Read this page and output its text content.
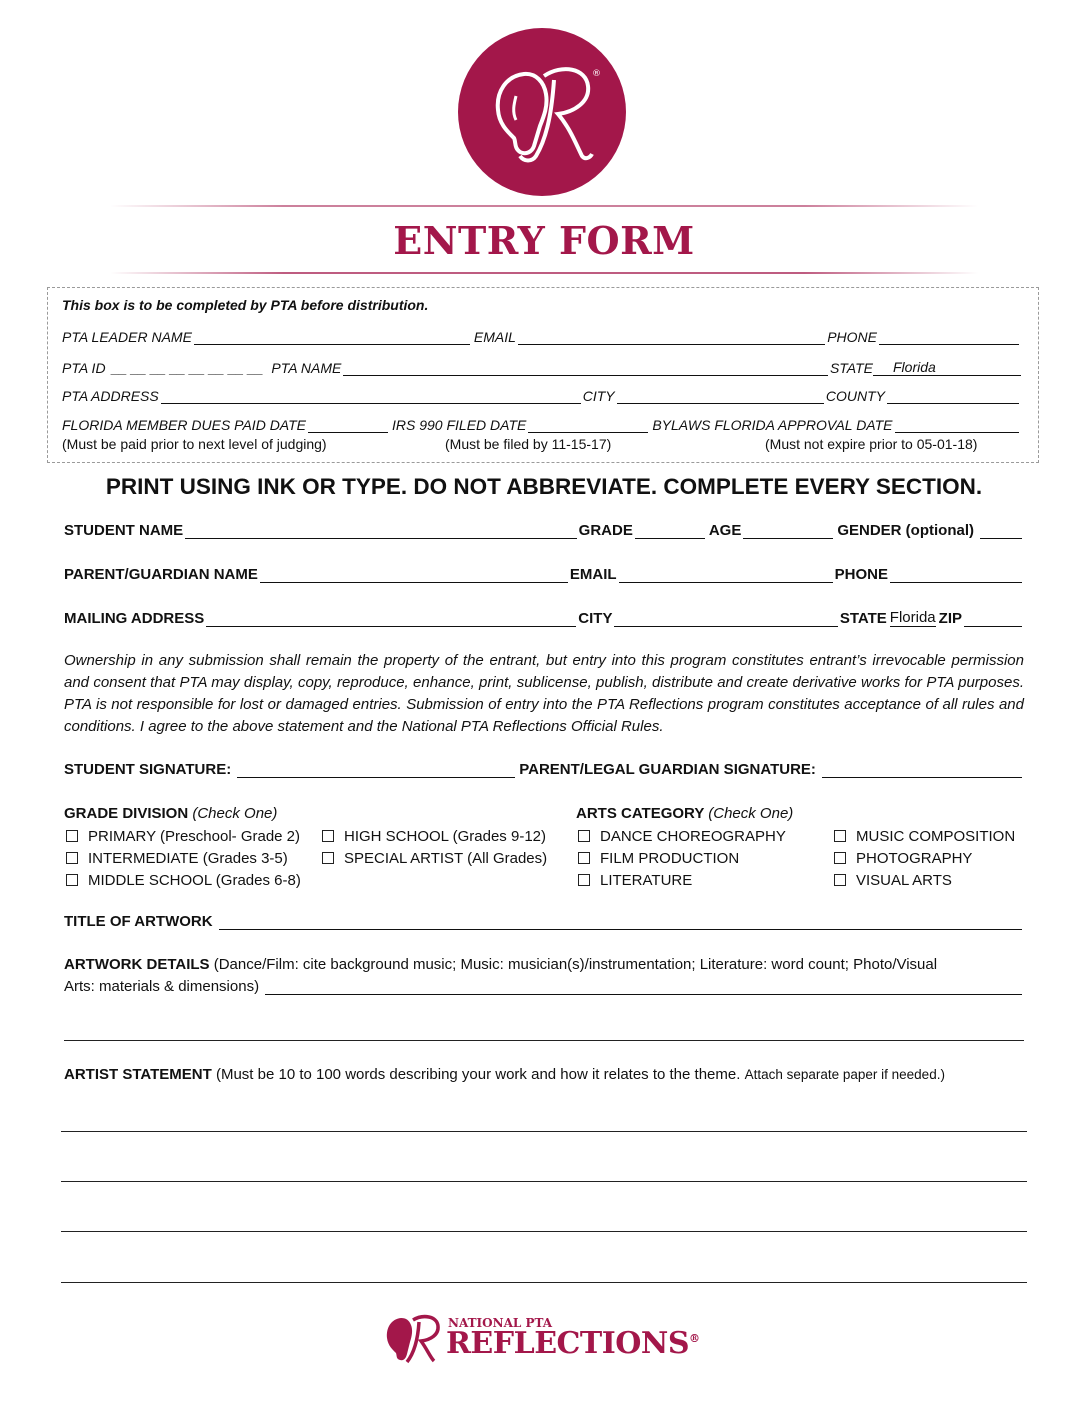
®
ENTRY FORM
This box is to be completed by PTA before distribution.
PTA LEADER NAME	EMAIL	PHONE
PTA ID __ __ __ __ __ __ __ __ PTA NAME	STATE	Florida
PTA ADDRESS	CITY	COUNTY
FLORIDA MEMBER DUES PAID DATE	IRS 990 FILED DATE	BYLAWS FLORIDA APPROVAL DATE
(Must be paid prior to next level of judging)	(Must be filed by 11-15-17)	(Must not expire prior to 05-01-18)
PRINT USING INK OR TYPE. DO NOT ABBREVIATE. COMPLETE EVERY SECTION.
STUDENT NAME	GRADE	AGE	GENDER (optional)
PARENT/GUARDIAN NAME	EMAIL	PHONE
MAILING ADDRESS	CITY	STATE Florida ZIP
Ownership in any submission shall remain the property of the entrant, but entry into this program constitutes entrant’s irrevocable permission and consent that PTA may display, copy, reproduce, enhance, print, sublicense, publish, distribute and create derivative works for PTA purposes. PTA is not responsible for lost or damaged entries. Submission of entry into the PTA Reflections program constitutes acceptance of all rules and conditions. I agree to the above statement and the National PTA Reflections Official Rules.
STUDENT SIGNATURE:	PARENT/LEGAL GUARDIAN SIGNATURE:
GRADE DIVISION (Check One)
PRIMARY (Preschool- Grade 2)
INTERMEDIATE (Grades 3-5)
MIDDLE SCHOOL (Grades 6-8)
HIGH SCHOOL (Grades 9-12)
SPECIAL ARTIST (All Grades)
ARTS CATEGORY (Check One)
DANCE CHOREOGRAPHY
FILM PRODUCTION
LITERATURE
MUSIC COMPOSITION
PHOTOGRAPHY
VISUAL ARTS
TITLE OF ARTWORK
ARTWORK DETAILS (Dance/Film: cite background music; Music: musician(s)/instrumentation; Literature: word count; Photo/Visual
Arts: materials & dimensions)
ARTIST STATEMENT (Must be 10 to 100 words describing your work and how it relates to the theme. Attach separate paper if needed.)
NATIONAL PTA
REFLECTIONS®
